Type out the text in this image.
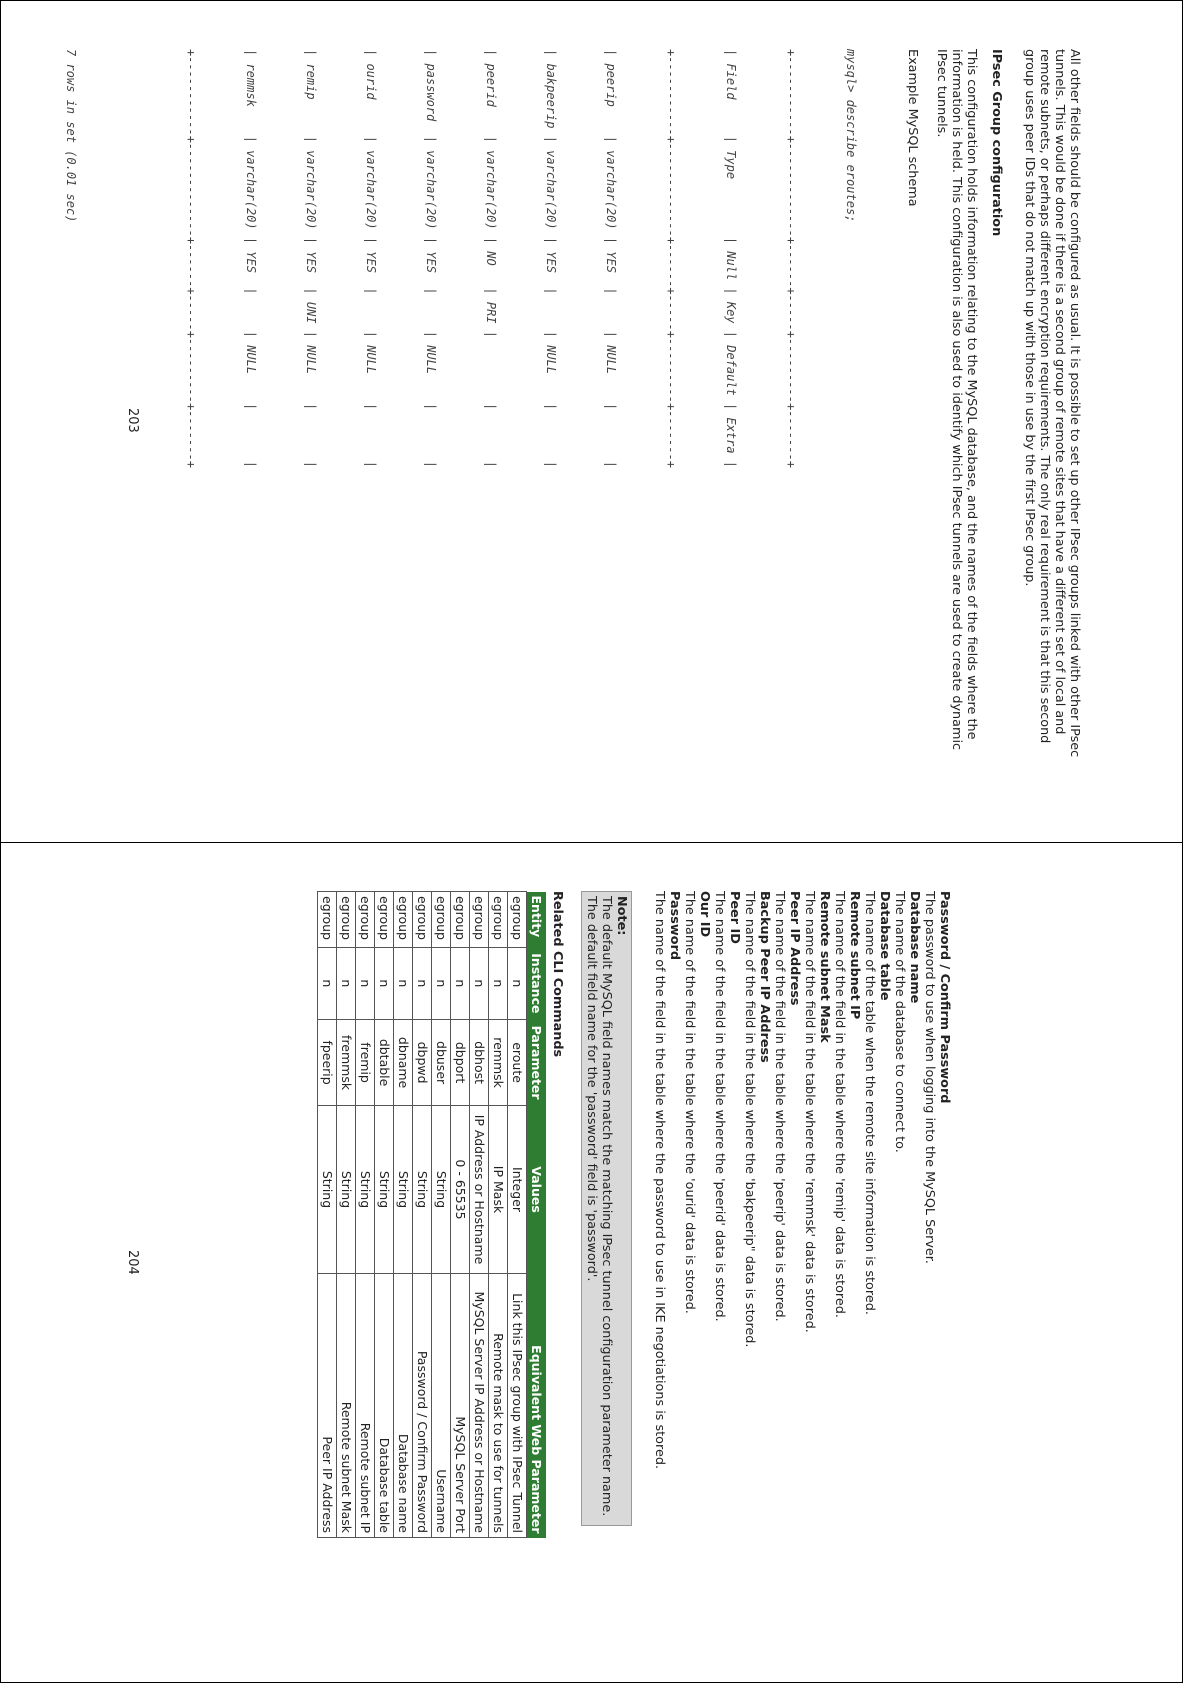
All other fields should be configured as usual. It is possible to set up other IPsec groups linked with other IPsec tunnels. This would be done if there is a second group of remote sites that have a different set of local and remote subnets, or perhaps different encryption requirements. The only real requirement is that this second group uses peer IDs that do not match up with those in use by the first IPsec group.

IPsec Group configuration

This configuration holds information relating to the MySQL database, and the names of the fields where the information is held. This configuration is also used to identify which IPsec tunnels are used to create dynamic IPsec tunnels.

Example MySQL schema

mysql> describe eroutes;

+-----------+-------------+------+-----+---------+-------+

| Field     | Type        | Null | Key | Default | Extra |

+-----------+-------------+------+-----+---------+-------+

| peerip    | varchar(20) | YES  |     | NULL    |       |

| bakpeerip | varchar(20) | YES  |     | NULL    |       |

| peerid    | varchar(20) | NO   | PRI |         |       |

| password  | varchar(20) | YES  |     | NULL    |       |

| ourid     | varchar(20) | YES  |     | NULL    |       |

| remip     | varchar(20) | YES  | UNI | NULL    |       |

| remmsk    | varchar(20) | YES  |     | NULL    |       |

+-----------+-------------+------+-----+---------+-------+

7 rows in set (0.01 sec)

203

Password / Confirm Password

The password to use when logging into the MySQL Server.

Database name

The name of the database to connect to.

Database table

The name of the table when the remote site information is stored.

Remote subnet IP

The name of the field in the table where the 'remip' data is stored.

Remote subnet Mask

The name of the field in the table where the 'remmsk' data is stored.

Peer IP Address

The name of the field in the table where the 'peerip' data is stored.

Backup Peer IP Address

The name of the field in the table where the 'bakpeerip" data is stored.

Peer ID

The name of the field in the table where the 'peerid' data is stored.

Our ID

The name of the field in the table where the 'ourid' data is stored.

Password

The name of the field in the table where the password to use in IKE negotiations is stored.

Note:

The default MySQL field names match the matching IPsec tunnel configuration parameter name. The default field name for the 'password' field is 'password'.

Related CLI Commands

Entity	Instance	Parameter	Values	Equivalent Web Parameter
egroup	n	eroute	Integer	Link this IPsec group with IPsec Tunnel
egroup	n	remmsk	IP Mask	Remote mask to use for tunnels
egroup	n	dbhost	IP Address or Hostname	MySQL Server IP Address or Hostname
egroup	n	dbport	0 - 65535	MySQL Server Port
egroup	n	dbuser	String	Username
egroup	n	dbpwd	String	Password / Confirm Password
egroup	n	dbname	String	Database name
egroup	n	dbtable	String	Database table
egroup	n	fremip	String	Remote subnet IP
egroup	n	fremmsk	String	Remote subnet Mask
egroup	n	fpeerip	String	Peer IP Address
204
